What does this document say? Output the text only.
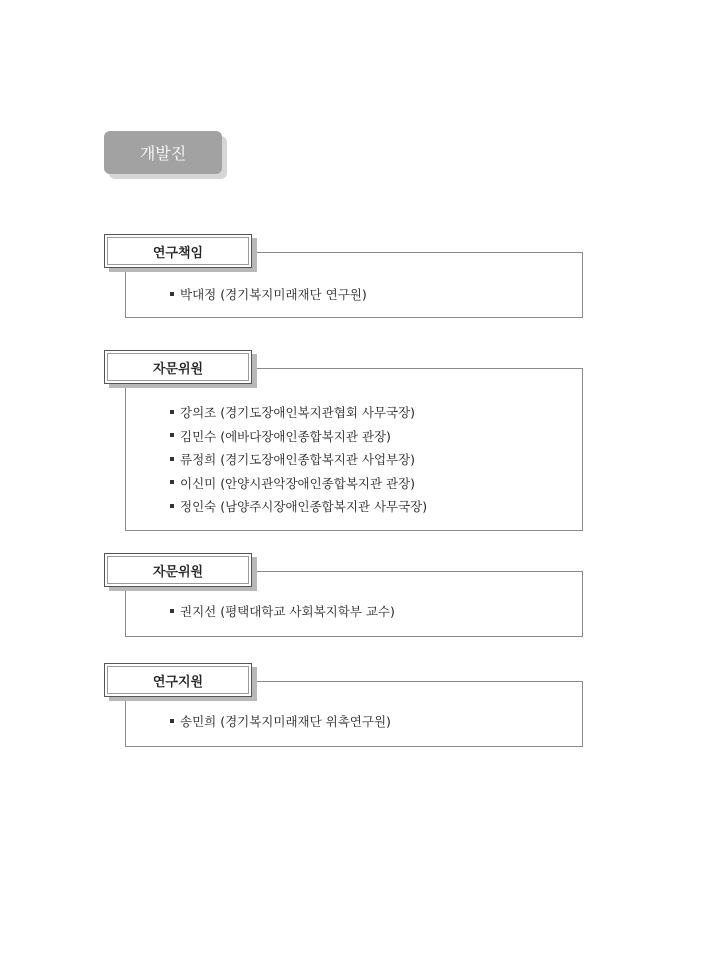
개발진
연구책임
박대정 (경기복지미래재단 연구원)
자문위원
강의조 (경기도장애인복지관협회 사무국장)
김민수 (에바다장애인종합복지관 관장)
류정희 (경기도장애인종합복지관 사업부장)
이신미 (안양시관악장애인종합복지관 관장)
정인숙 (남양주시장애인종합복지관 사무국장)
자문위원
권지선 (평택대학교 사회복지학부 교수)
연구지원
송민희 (경기복지미래재단 위촉연구원)
